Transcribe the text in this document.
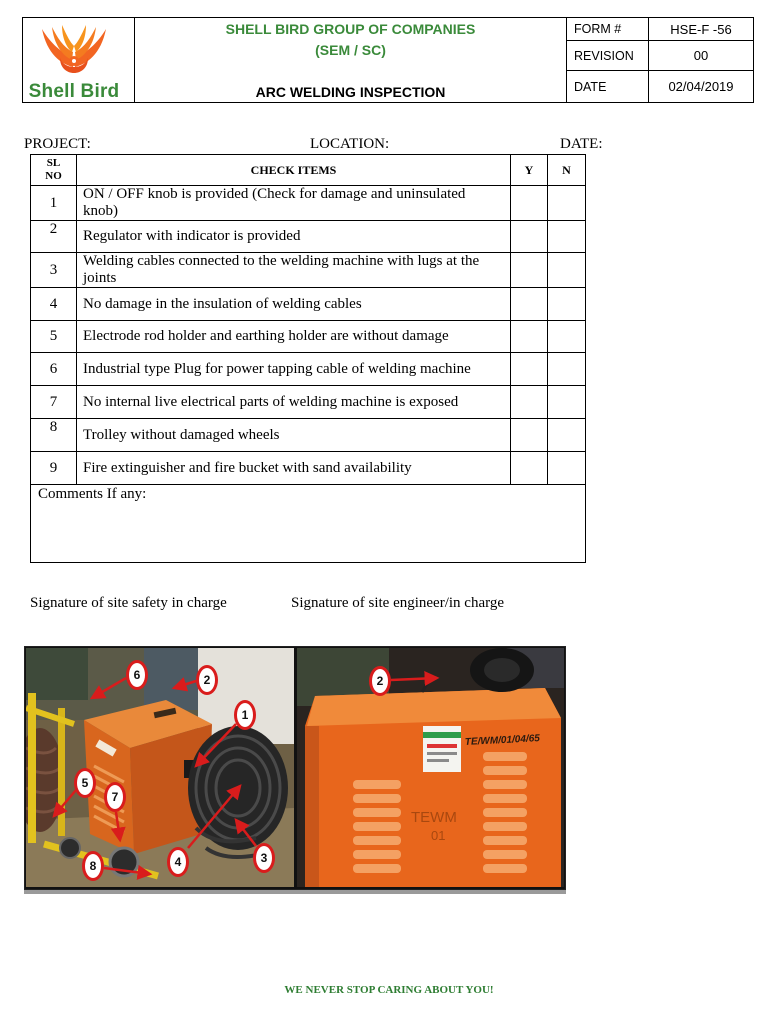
Shell Bird
SHELL BIRD GROUP OF COMPANIES
(SEM / SC)
ARC WELDING INSPECTION
FORM #	HSE-F -56
REVISION	00
DATE	02/04/2019
PROJECT:	LOCATION:	DATE:
SL NO	CHECK ITEMS	Y	N
1	ON / OFF knob is provided (Check for damage and uninsulated knob)		
2	Regulator with indicator is provided		
3	Welding cables connected to the welding machine with lugs at the joints		
4	No damage in the insulation of welding cables		
5	Electrode rod holder and earthing holder are without damage		
6	Industrial type Plug for power tapping cable of welding machine		
7	No internal live electrical parts of welding machine is exposed		
8	Trolley without damaged wheels		
9	Fire extinguisher and fire bucket with sand availability		
Comments If any:			
Signature of site safety in charge	Signature of site engineer/in charge
6	2
1
5
7
3
4
8
TE/WM/01/04/65
TEWM
01
2
WE NEVER STOP CARING ABOUT YOU!
